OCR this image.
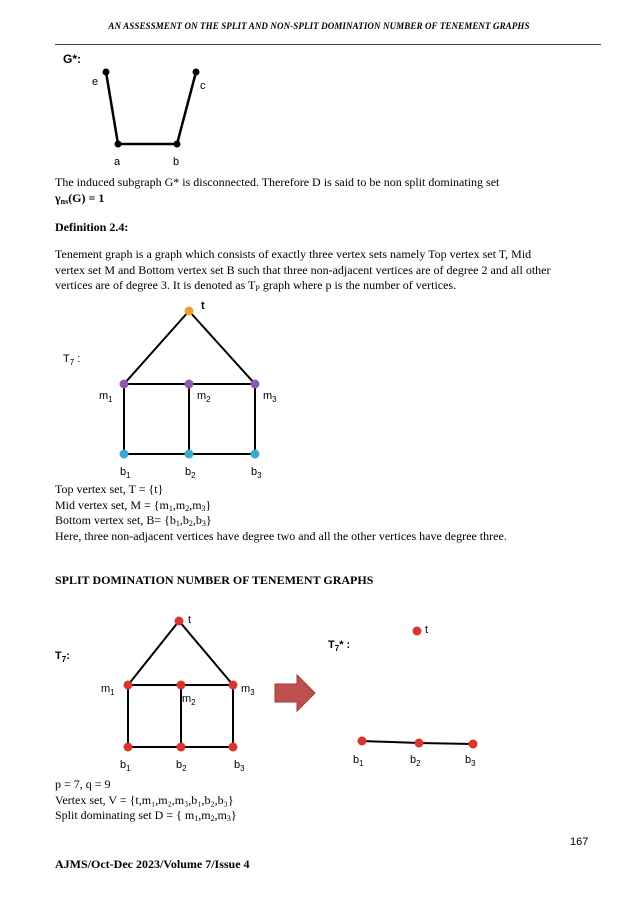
AN ASSESSMENT ON THE SPLIT AND NON-SPLIT DOMINATION NUMBER OF TENEMENT GRAPHS
G*:
e	c
a	b
The induced subgraph G* is disconnected. Therefore D is said to be non split dominating set
$\gamma_{ns}(G) = 1$
Definition 2.4:
Tenement graph is a graph which consists of exactly three vertex sets namely Top vertex set T, Mid
vertex set M and Bottom vertex set B such that three non-adjacent vertices are of degree 2 and all other
vertices are of degree 3. It is denoted as $T_P$ graph where p is the number of vertices.
$T_7$ :
t
$m_1$	$m_2$	$m_3$
$b_1$	$b_2$	$b_3$
Top vertex set, T = {t}
Mid vertex set, $M = \{m_1,m_2,m_3\}$
Bottom vertex set, $B= \{b_1,b_2,b_3\}$
Here, three non-adjacent vertices have degree two and all the other vertices have degree three.
SPLIT DOMINATION NUMBER OF TENEMENT GRAPHS
$T_7$:
$T_7*$ :
t
$m_1$
$m_2$
$m_3$
$b_1$	$b_2$	$b_3$
t
$b_1$	$b_2$	$b_3$
p = 7, q = 9
Vertex set, V = {t,m₁,m₂,m₃,b₁,b₂,b₃}
Split dominating set D = { $m_1,m_2,m_3$}
167
AJMS/Oct-Dec 2023/Volume 7/Issue 4
